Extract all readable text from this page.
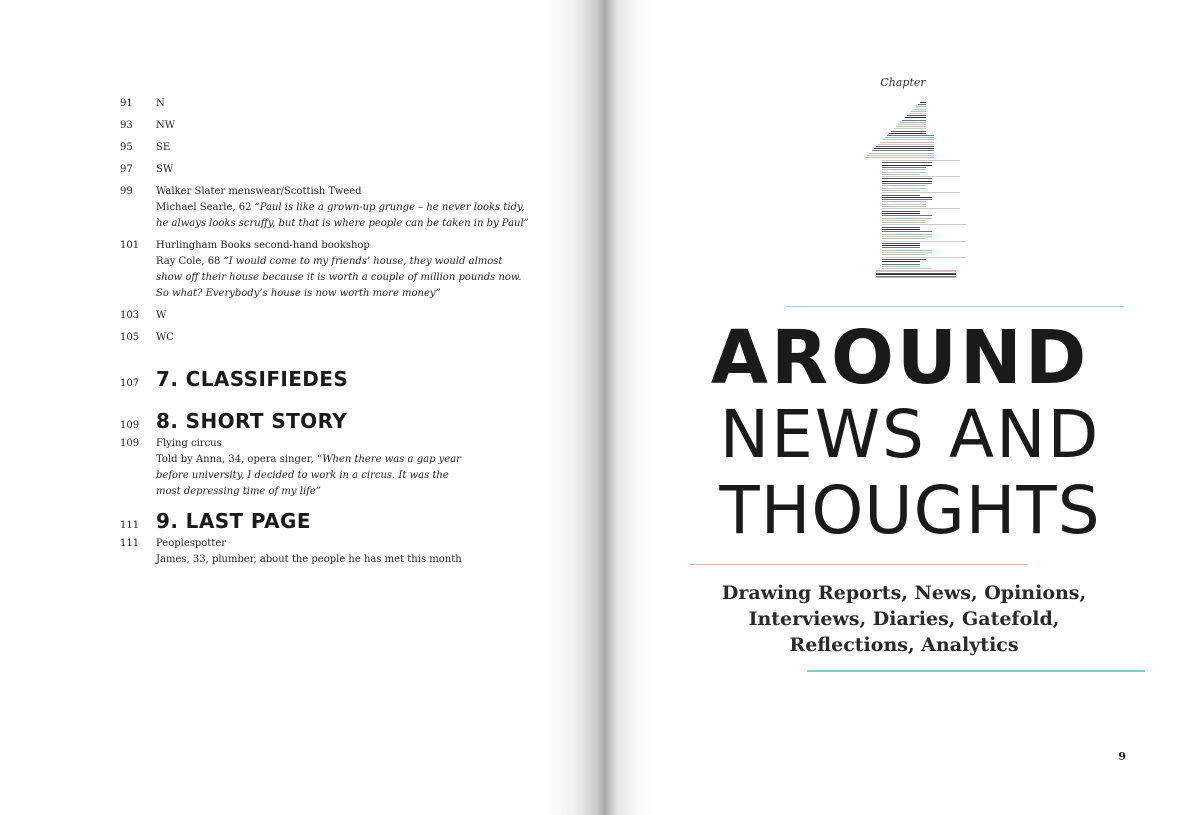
91	N
93	NW
95	SE
97	SW
99	Walker Slater menswear/Scottish Tweed
Michael Searle, 62 “Paul is like a grown-up grunge – he never looks tidy, he always looks scruffy, but that is where people can be taken in by Paul”
101	Hurlingham Books second-hand bookshop
Ray Cole, 68 “I would come to my friends’ house, they would almost show off their house because it is worth a couple of million pounds now. So what? Everybody’s house is now worth more money”
103	W
105	WC
107 7. CLASSIFIEDES
109 8. SHORT STORY
109	Flying circus
Told by Anna, 34, opera singer, “When there was a gap year before university, I decided to work in a circus. It was the most depressing time of my life”
111 9. LAST PAGE
111	Peoplespotter
James, 33, plumber, about the people he has met this month
Chapter
AROUND
NEWS AND
THOUGHTS
Drawing Reports, News, Opinions, Interviews, Diaries, Gatefold, Reflections, Analytics
9
